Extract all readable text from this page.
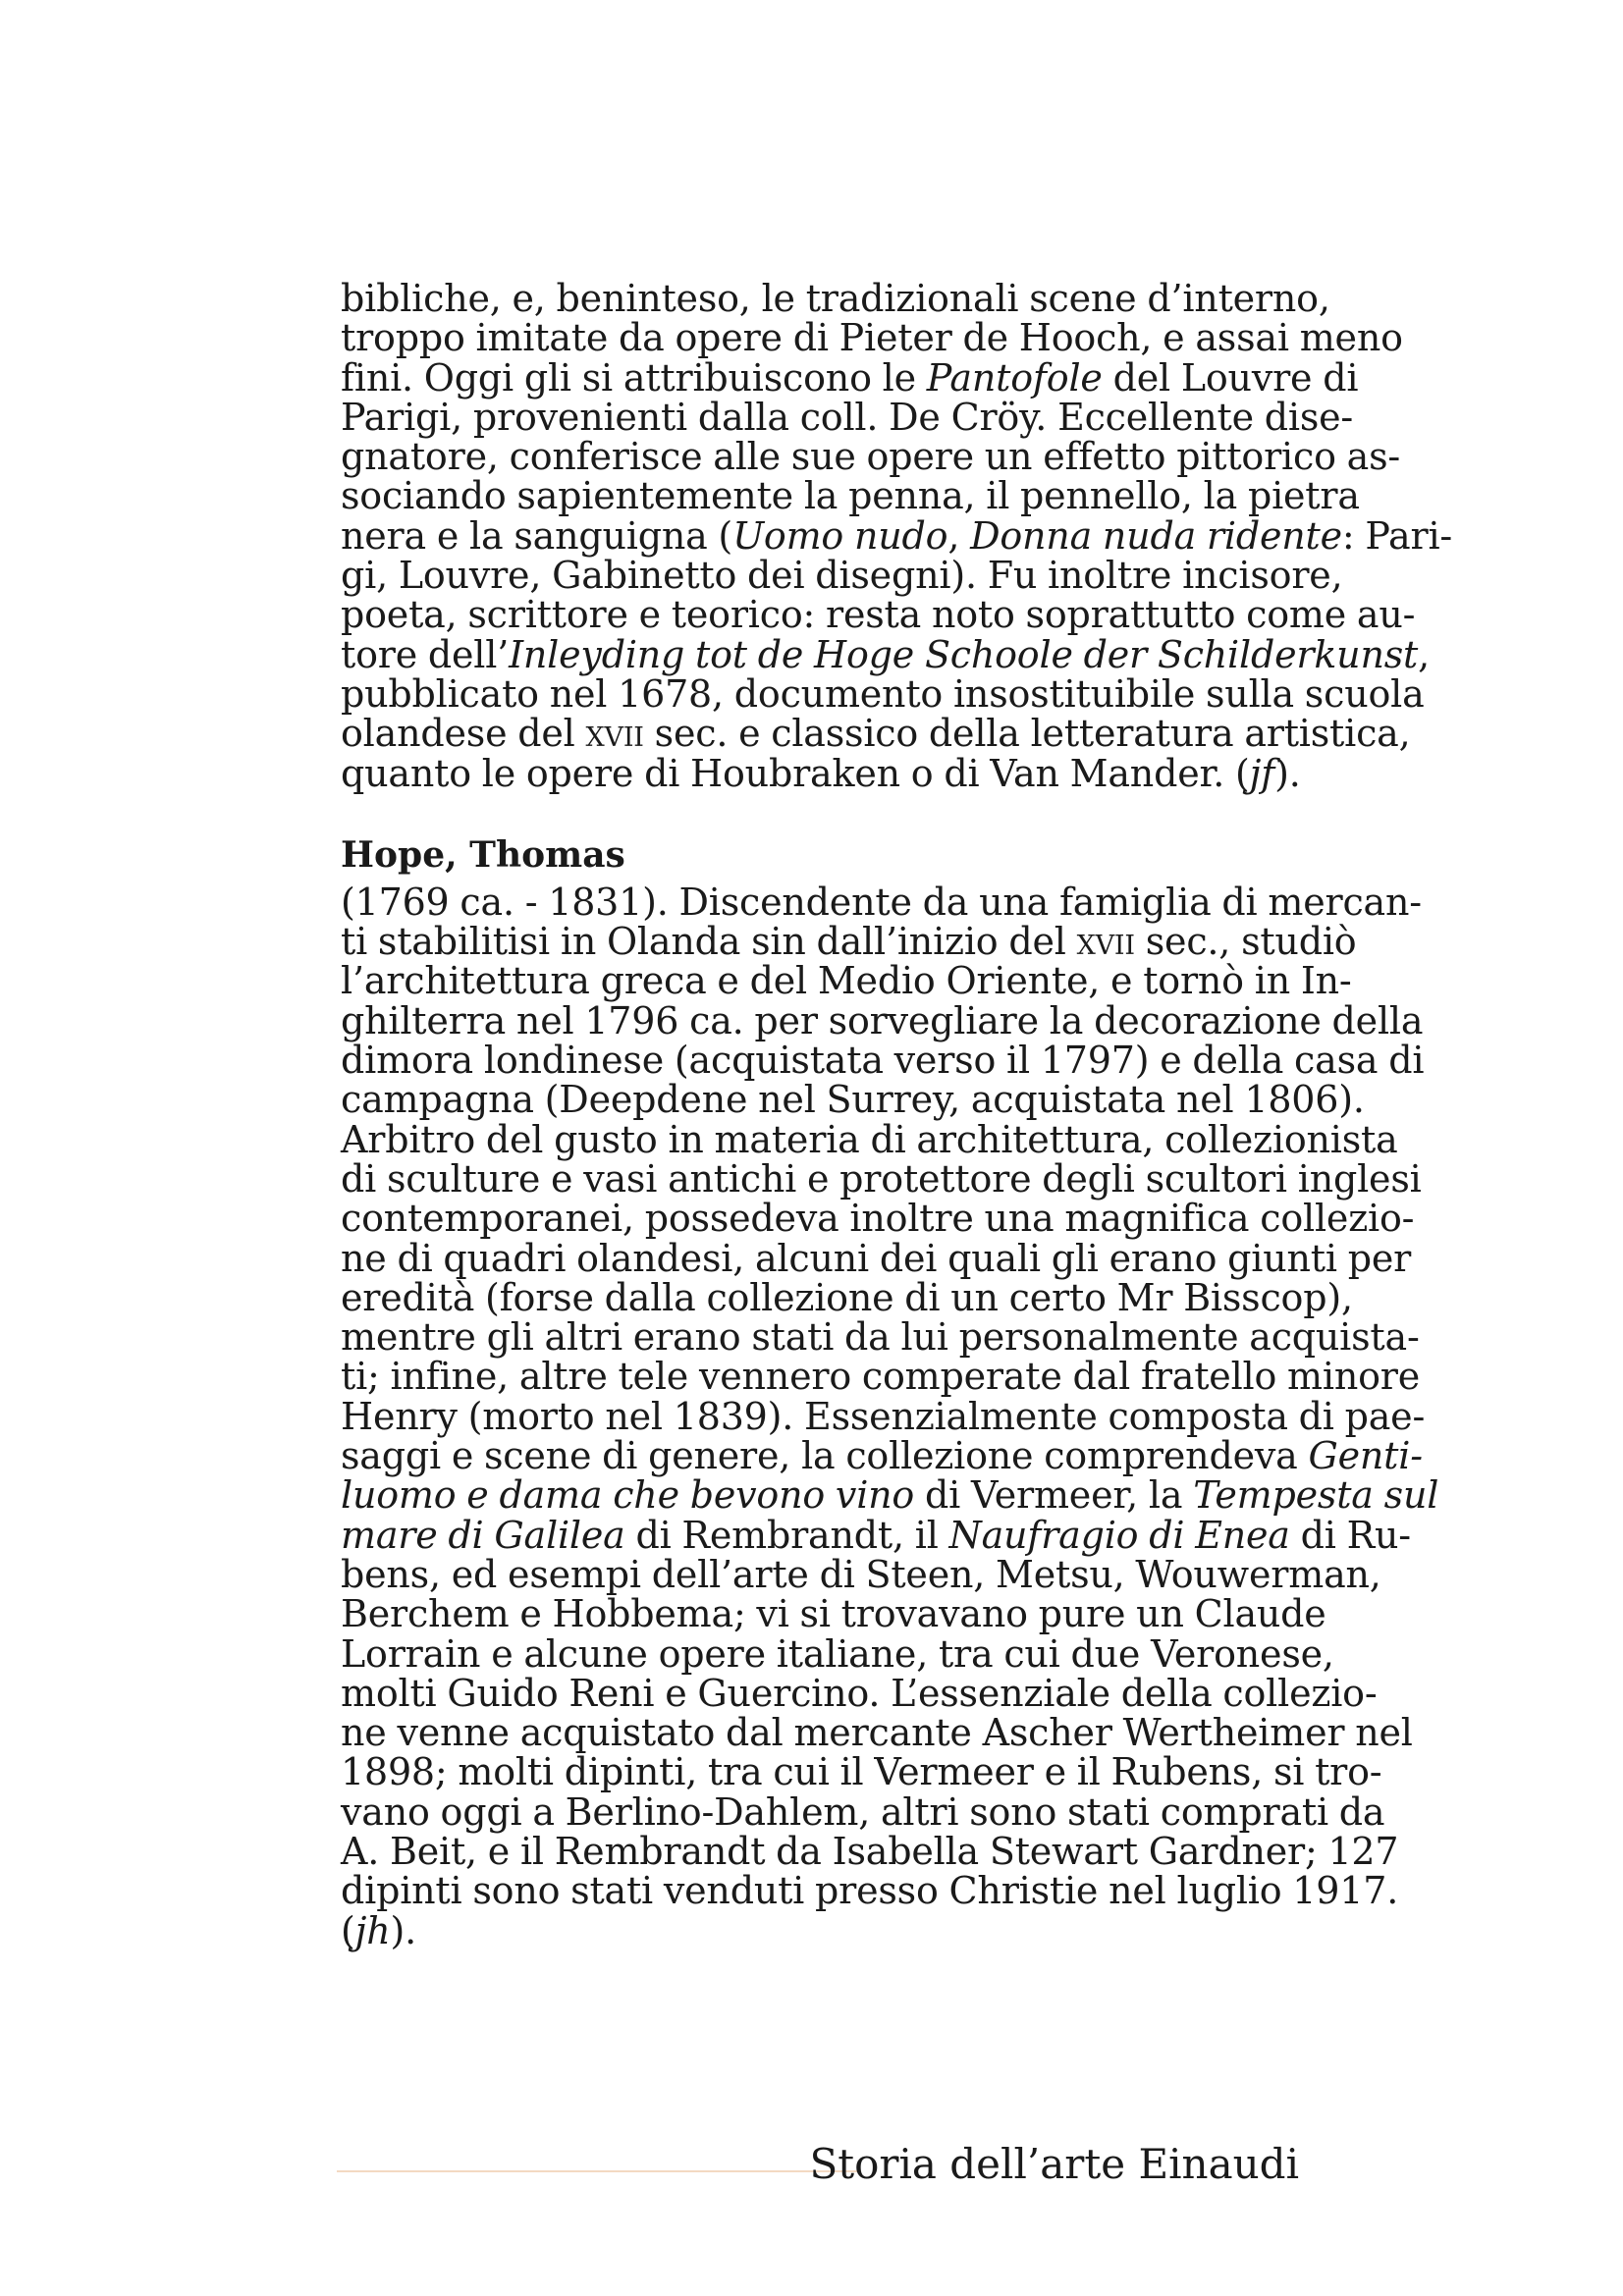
bibliche, e, beninteso, le tradizionali scene d’interno,
troppo imitate da opere di Pieter de Hooch, e assai meno
fini. Oggi gli si attribuiscono le Pantofole del Louvre di
Parigi, provenienti dalla coll. De Cröy. Eccellente dise-
gnatore, conferisce alle sue opere un effetto pittorico as-
sociando sapientemente la penna, il pennello, la pietra
nera e la sanguigna (Uomo nudo, Donna nuda ridente: Pari-
gi, Louvre, Gabinetto dei disegni). Fu inoltre incisore,
poeta, scrittore e teorico: resta noto soprattutto come au-
tore dell’Inleyding tot de Hoge Schoole der Schilderkunst,
pubblicato nel 1678, documento insostituibile sulla scuola
olandese del xvii sec. e classico della letteratura artistica,
quanto le opere di Houbraken o di Van Mander. (jf).
Hope, Thomas
(1769 ca. - 1831). Discendente da una famiglia di mercan-
ti stabilitisi in Olanda sin dall’inizio del xvii sec., studiò
l’architettura greca e del Medio Oriente, e tornò in In-
ghilterra nel 1796 ca. per sorvegliare la decorazione della
dimora londinese (acquistata verso il 1797) e della casa di
campagna (Deepdene nel Surrey, acquistata nel 1806).
Arbitro del gusto in materia di architettura, collezionista
di sculture e vasi antichi e protettore degli scultori inglesi
contemporanei, possedeva inoltre una magnifica collezio-
ne di quadri olandesi, alcuni dei quali gli erano giunti per
eredità (forse dalla collezione di un certo Mr Bisscop),
mentre gli altri erano stati da lui personalmente acquista-
ti; infine, altre tele vennero comperate dal fratello minore
Henry (morto nel 1839). Essenzialmente composta di pae-
saggi e scene di genere, la collezione comprendeva Genti-
luomo e dama che bevono vino di Vermeer, la Tempesta sul
mare di Galilea di Rembrandt, il Naufragio di Enea di Ru-
bens, ed esempi dell’arte di Steen, Metsu, Wouwerman,
Berchem e Hobbema; vi si trovavano pure un Claude
Lorrain e alcune opere italiane, tra cui due Veronese,
molti Guido Reni e Guercino. L’essenziale della collezio-
ne venne acquistato dal mercante Ascher Wertheimer nel
1898; molti dipinti, tra cui il Vermeer e il Rubens, si tro-
vano oggi a Berlino-Dahlem, altri sono stati comprati da
A. Beit, e il Rembrandt da Isabella Stewart Gardner; 127
dipinti sono stati venduti presso Christie nel luglio 1917.
(jh).
Storia dell’arte Einaudi
